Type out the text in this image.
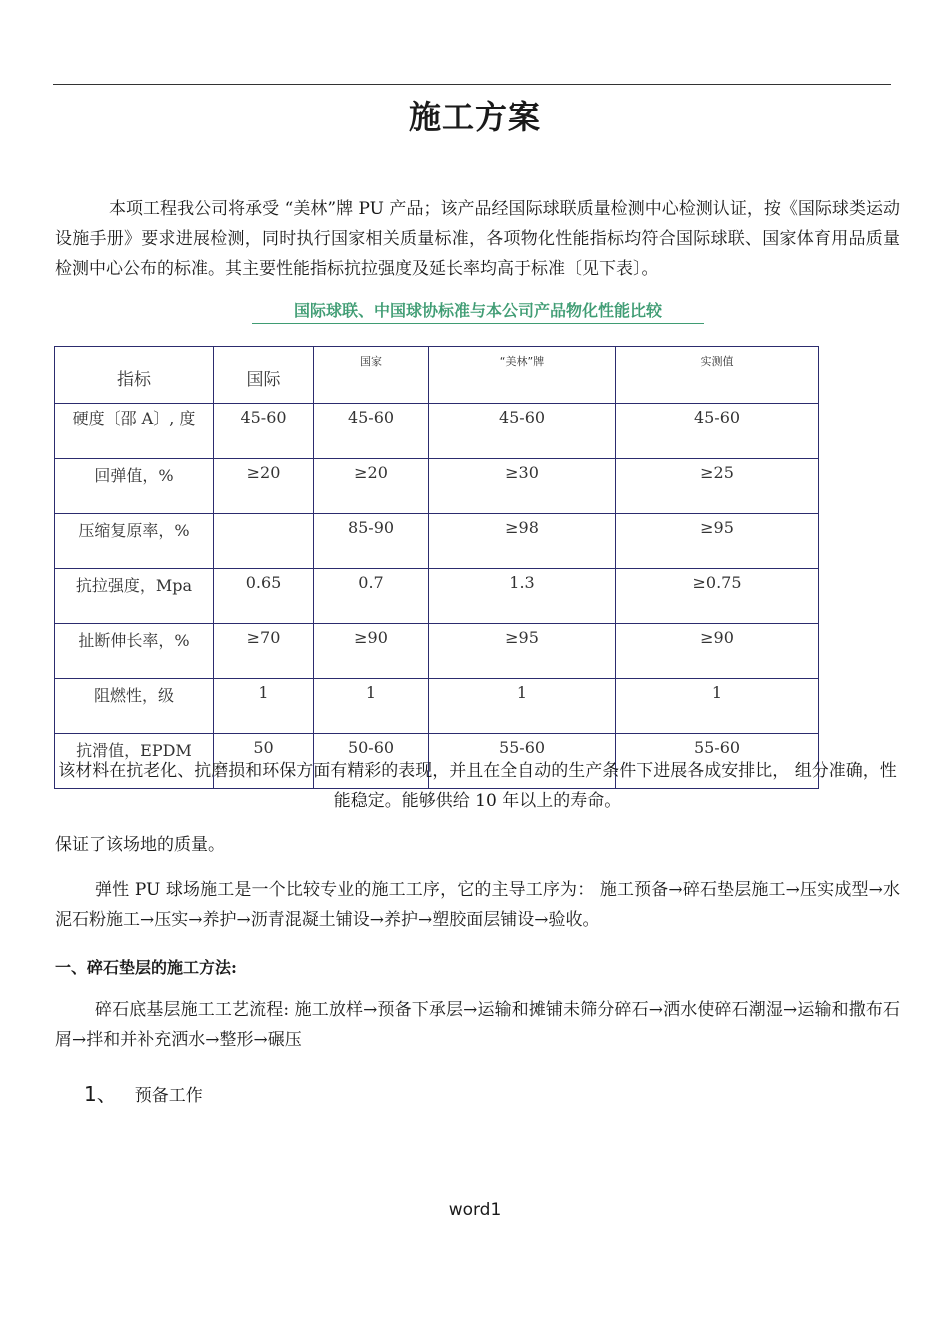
施工方案
本项工程我公司将承受 “美林”牌 PU 产品；该产品经国际球联质量检测中心检测认证，按《国际球类运动设施手册》要求进展检测，同时执行国家相关质量标准，各项物化性能指标均符合国际球联、国家体育用品质量检测中心公布的标准。其主要性能指标抗拉强度及延长率均高于标准〔见下表〕。
国际球联、中国球协标准与本公司产品物化性能比较
指标	国际	国家	“美林”牌	实测值
硬度〔邵 A〕, 度	45-60	45-60	45-60	45-60
回弹值，%	≥20	≥20	≥30	≥25
压缩复原率，%		85-90	≥98	≥95
抗拉强度，Mpa	0.65	0.7	1.3	≥0.75
扯断伸长率，%	≥70	≥90	≥95	≥90
阻燃性，级	1	1	1	1
抗滑值，EPDM	50	50-60	55-60	55-60
该材料在抗老化、抗磨损和环保方面有精彩的表现，并且在全自动的生产条件下进展各成安排比， 组分准确，性能稳定。能够供给 10 年以上的寿命。
保证了该场地的质量。
弹性 PU 球场施工是一个比较专业的施工工序，它的主导工序为： 施工预备→碎石垫层施工→压实成型→水泥石粉施工→压实→养护→沥青混凝土铺设→养护→塑胶面层铺设→验收。
一、碎石垫层的施工方法:
碎石底基层施工工艺流程: 施工放样→预备下承层→运输和摊铺未筛分碎石→洒水使碎石潮湿→运输和撒布石屑→拌和并补充洒水→整形→碾压
1、 预备工作
word1
